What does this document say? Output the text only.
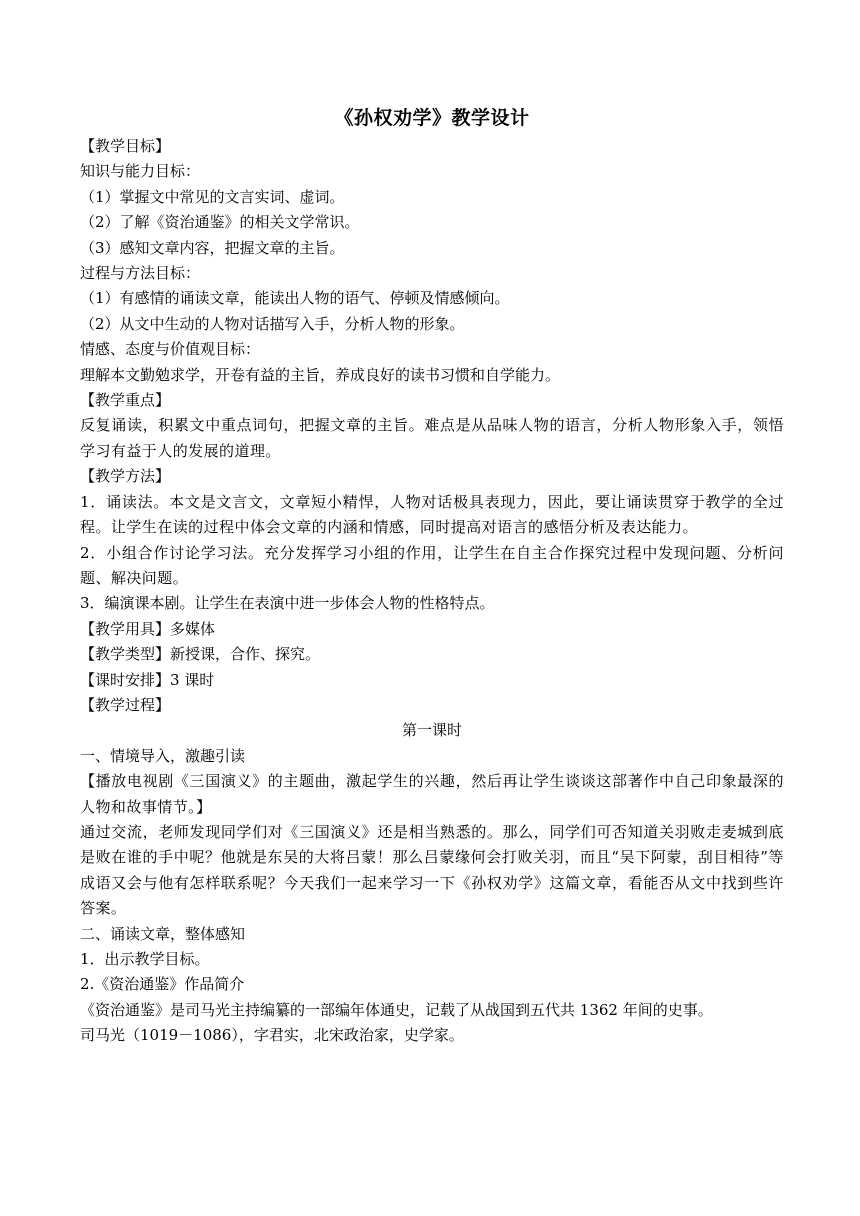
《孙权劝学》教学设计
【教学目标】
知识与能力目标：
（1）掌握文中常见的文言实词、虚词。
（2）了解《资治通鉴》的相关文学常识。
（3）感知文章内容，把握文章的主旨。
过程与方法目标：
（1）有感情的诵读文章，能读出人物的语气、停顿及情感倾向。
（2）从文中生动的人物对话描写入手，分析人物的形象。
情感、态度与价值观目标：
理解本文勤勉求学，开卷有益的主旨，养成良好的读书习惯和自学能力。
【教学重点】

反复诵读，积累文中重点词句，把握文章的主旨。难点是从品味人物的语言，分析人物形象入手，领悟学习有益于人的发展的道理。

【教学方法】

1．诵读法。本文是文言文，文章短小精悍，人物对话极具表现力，因此，要让诵读贯穿于教学的全过程。让学生在读的过程中体会文章的内涵和情感，同时提高对语言的感悟分析及表达能力。

2．小组合作讨论学习法。充分发挥学习小组的作用，让学生在自主合作探究过程中发现问题、分析问题、解决问题。

3．编演课本剧。让学生在表演中进一步体会人物的性格特点。
【教学用具】多媒体
【教学类型】新授课，合作、探究。
【课时安排】3 课时
【教学过程】
第一课时
一、情境导入，激趣引读

【播放电视剧《三国演义》的主题曲，激起学生的兴趣，然后再让学生谈谈这部著作中自己印象最深的人物和故事情节。】

通过交流，老师发现同学们对《三国演义》还是相当熟悉的。那么，同学们可否知道关羽败走麦城到底是败在谁的手中呢？他就是东吴的大将吕蒙！那么吕蒙缘何会打败关羽，而且“吴下阿蒙，刮目相待”等成语又会与他有怎样联系呢？今天我们一起来学习一下《孙权劝学》这篇文章，看能否从文中找到些许答案。

二、诵读文章，整体感知
1．出示教学目标。
2.《资治通鉴》作品简介
《资治通鉴》是司马光主持编纂的一部编年体通史，记载了从战国到五代共 1362 年间的史事。
司马光（1019－1086），字君实，北宋政治家，史学家。
